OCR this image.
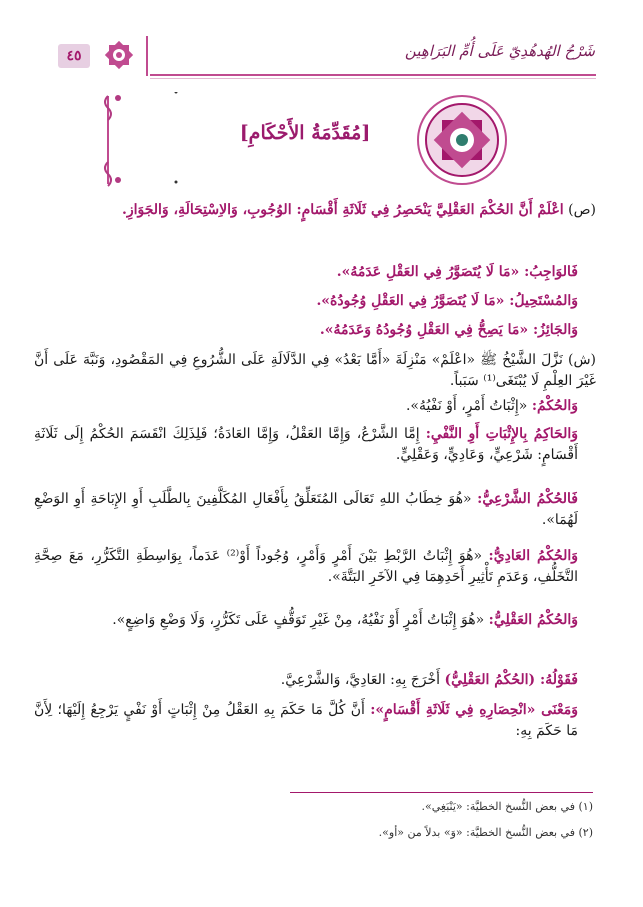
٤٥	شَرْحُ الهُدهُدِيّ عَلَى أُمِّ البَرَاهِين
[مُقَدِّمَةُ الأَحْكَامِ]
(ص) اعْلَمْ أَنَّ الحُكْمَ العَقْلِيَّ يَنْحَصِرُ فِي ثَلَاثَةِ أَقْسَامٍ: الوُجُوبِ، وَالاِسْتِحَالَةِ، وَالجَوَازِ.
فَالوَاجِبُ: «مَا لَا يُتَصَوَّرُ فِي العَقْلِ عَدَمُهُ».
وَالمُسْتَحِيلُ: «مَا لَا يُتَصَوَّرُ فِي العَقْلِ وُجُودُهُ».
وَالجَائِزُ: «مَا يَصِحُّ فِي العَقْلِ وُجُودُهُ وَعَدَمُهُ».
(ش) نَزَّلَ الشَّيْخُ ﷺ «اعْلَمْ» مَنْزِلَةَ «أَمَّا بَعْدُ» فِي الدَّلَالَةِ عَلَى الشُّرُوعِ فِي المَقْصُودِ، وَنَبَّهَ عَلَى أَنَّ غَيْرَ العِلْمِ لَا يُبْتَغَى⁽¹⁾ سَبَباً.
وَالحُكْمُ: «إِثْبَاتُ أَمْرٍ، أَوْ نَفْيُهُ».
وَالحَاكِمُ بِالإِثْبَاتِ أَوِ النَّفْيِ: إِمَّا الشَّرْعُ، وَإِمَّا العَقْلُ، وَإِمَّا العَادَةُ؛ فَلِذَلِكَ انْقَسَمَ الحُكْمُ إِلَى ثَلَاثَةِ أَقْسَامٍ: شَرْعِيٍّ، وَعَادِيٍّ، وَعَقْلِيٍّ.
فَالحُكْمُ الشَّرْعِيُّ: «هُوَ خِطَابُ اللهِ تَعَالَى المُتَعَلِّقُ بِأَفْعَالِ المُكَلَّفِينَ بِالطَّلَبِ أَوِ الإِبَاحَةِ أَوِ الوَضْعِ لَهُمَا».
وَالحُكْمُ العَادِيُّ: «هُوَ إِثْبَاتُ الرَّبْطِ بَيْنَ أَمْرٍ وَأَمْرٍ، وُجُوداً أَوْ⁽²⁾ عَدَماً، بِوَاسِطَةِ التَّكَرُّرِ، مَعَ صِحَّةِ التَّخَلُّفِ، وَعَدَمِ تَأْثِيرِ أَحَدِهِمَا فِي الآخَرِ البَتَّةَ».
وَالحُكْمُ العَقْلِيُّ: «هُوَ إِثْبَاتُ أَمْرٍ أَوْ نَفْيُهُ، مِنْ غَيْرِ تَوَقُّفٍ عَلَى تَكَرُّرٍ، وَلَا وَضْعِ وَاضِعٍ».
فَقَوْلُهُ: (الحُكْمُ العَقْلِيُّ) أَخْرَجَ بِهِ: العَادِيَّ، وَالشَّرْعِيَّ.
وَمَعْنَى «انْحِصَارِهِ فِي ثَلَاثَةِ أَقْسَامٍ»: أَنَّ كُلَّ مَا حَكَمَ بِهِ العَقْلُ مِنْ إِثْبَاتٍ أَوْ نَفْيٍ يَرْجِعُ إِلَيْهَا؛ لِأَنَّ مَا حَكَمَ بِهِ:
(١) في بعض النُّسخ الخطيَّة: «يَنْبَغِي».
(٢) في بعض النُّسخ الخطيَّة: «وَ» بدلاً من «أو».
